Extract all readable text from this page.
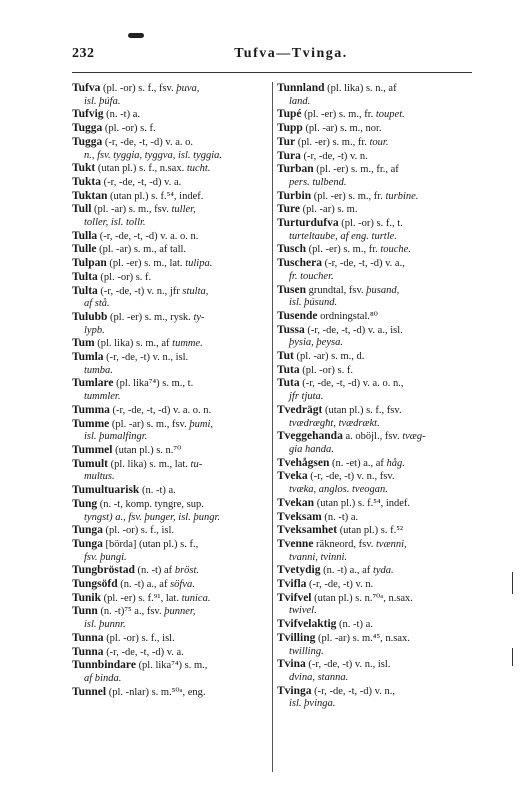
232	Tufva—Tvinga.

Tufva (pl. -or) s. f., fsv. þuva,
isl. þúfa.

Tufvig (n. -t) a.

Tugga (pl. -or) s. f.

Tugga (-r, -de, -t, -d) v. a. o.
n., fsv. tyggia, tyggva, isl. tyggia.

Tukt (utan pl.) s. f., n.sax. tucht.

Tukta (-r, -de, -t, -d) v. a.

Tuktan (utan pl.) s. f.⁵⁴, indef.

Tull (pl. -ar) s. m., fsv. tuller,
toller, isl. tollr.

Tulla (-r, -de, -t, -d) v. a. o. n.

Tulle (pl. -ar) s. m., af tall.

Tulpan (pl. -er) s. m., lat. tulipa.

Tulta (pl. -or) s. f.

Tulta (-r, -de, -t) v. n., jfr stulta,
af stå.

Tulubb (pl. -er) s. m., rysk. ty-
lypb.

Tum (pl. lika) s. m., af tumme.

Tumla (-r, -de, -t) v. n., isl.
tumba.

Tumlare (pl. lika⁷⁴) s. m., t.
tummler.

Tumma (-r, -de, -t, -d) v. a. o. n.

Tumme (pl. -ar) s. m., fsv. þumi,
isl. þumalfingr.

Tummel (utan pl.) s. n.⁷⁰

Tumult (pl. lika) s. m., lat. tu-
multus.

Tumultuarisk (n. -t) a.

Tung (n. -t, komp. tyngre, sup.
tyngst) a., fsv. þunger, isl. þungr.

Tunga (pl. -or) s. f., isl.

Tunga [börda] (utan pl.) s. f.,
fsv. þungi.

Tungbröstad (n. -t) af bröst.

Tungsöfd (n. -t) a., af söfva.

Tunik (pl. -er) s. f.⁹¹, lat. tunica.

Tunn (n. -t)⁷⁵ a., fsv. þunner,
isl. þunnr.

Tunna (pl. -or) s. f., isl.

Tunna (-r, -de, -t, -d) v. a.

Tunnbindare (pl. lika⁷⁴) s. m.,
af binda.

Tunnel (pl. -nlar) s. m.⁵⁰ᵃ, eng.

Tunnland (pl. lika) s. n., af
land.

Tupé (pl. -er) s. m., fr. toupet.

Tupp (pl. -ar) s. m., nor.

Tur (pl. -er) s. m., fr. tour.

Tura (-r, -de, -t) v. n.

Turban (pl. -er) s. m., fr., af
pers. tulbend.

Turbin (pl. -er) s. m., fr. turbine.

Ture (pl. -ar) s. m.

Turturdufva (pl. -or) s. f., t.
turteltaube, af eng. turtle.

Tusch (pl. -er) s. m., fr. touche.

Tuschera (-r, -de, -t, -d) v. a.,
fr. toucher.

Tusen grundtal, fsv. þusand,
isl. þúsund.

Tusende ordningstal.⁸⁰

Tussa (-r, -de, -t, -d) v. a., isl.
þysia, þeysa.

Tut (pl. -ar) s. m., d.

Tuta (pl. -or) s. f.

Tuta (-r, -de, -t, -d) v. a. o. n.,
jfr tjuta.

Tvedrägt (utan pl.) s. f., fsv.
tvædrægħt, tvædrækt.

Tveggehanda a. oböjl., fsv. tvæg-
gia handa.

Tvehågsen (n. -et) a., af håg.

Tveka (-r, -de, -t) v. n., fsv.
tvæka, anglos. tveogan.

Tvekan (utan pl.) s. f.⁵⁴, indef.

Tveksam (n. -t) a.

Tveksamhet (utan pl.) s. f.⁵²

Tvenne räkneord, fsv. tvænni,
tvanni, tvinni.

Tvetydig (n. -t) a., af tyda.

Tvifla (-r, -de, -t) v. n.

Tvifvel (utan pl.) s. n.⁷⁰ᵃ, n.sax.
twivel.

Tvifvelaktig (n. -t) a.

Tvilling (pl. -ar) s. m.⁴⁵, n.sax.
twilling.

Tvina (-r, -de, -t) v. n., isl.
dvina, stanna.

Tvinga (-r, -de, -t, -d) v. n.,
isl. þvinga.
